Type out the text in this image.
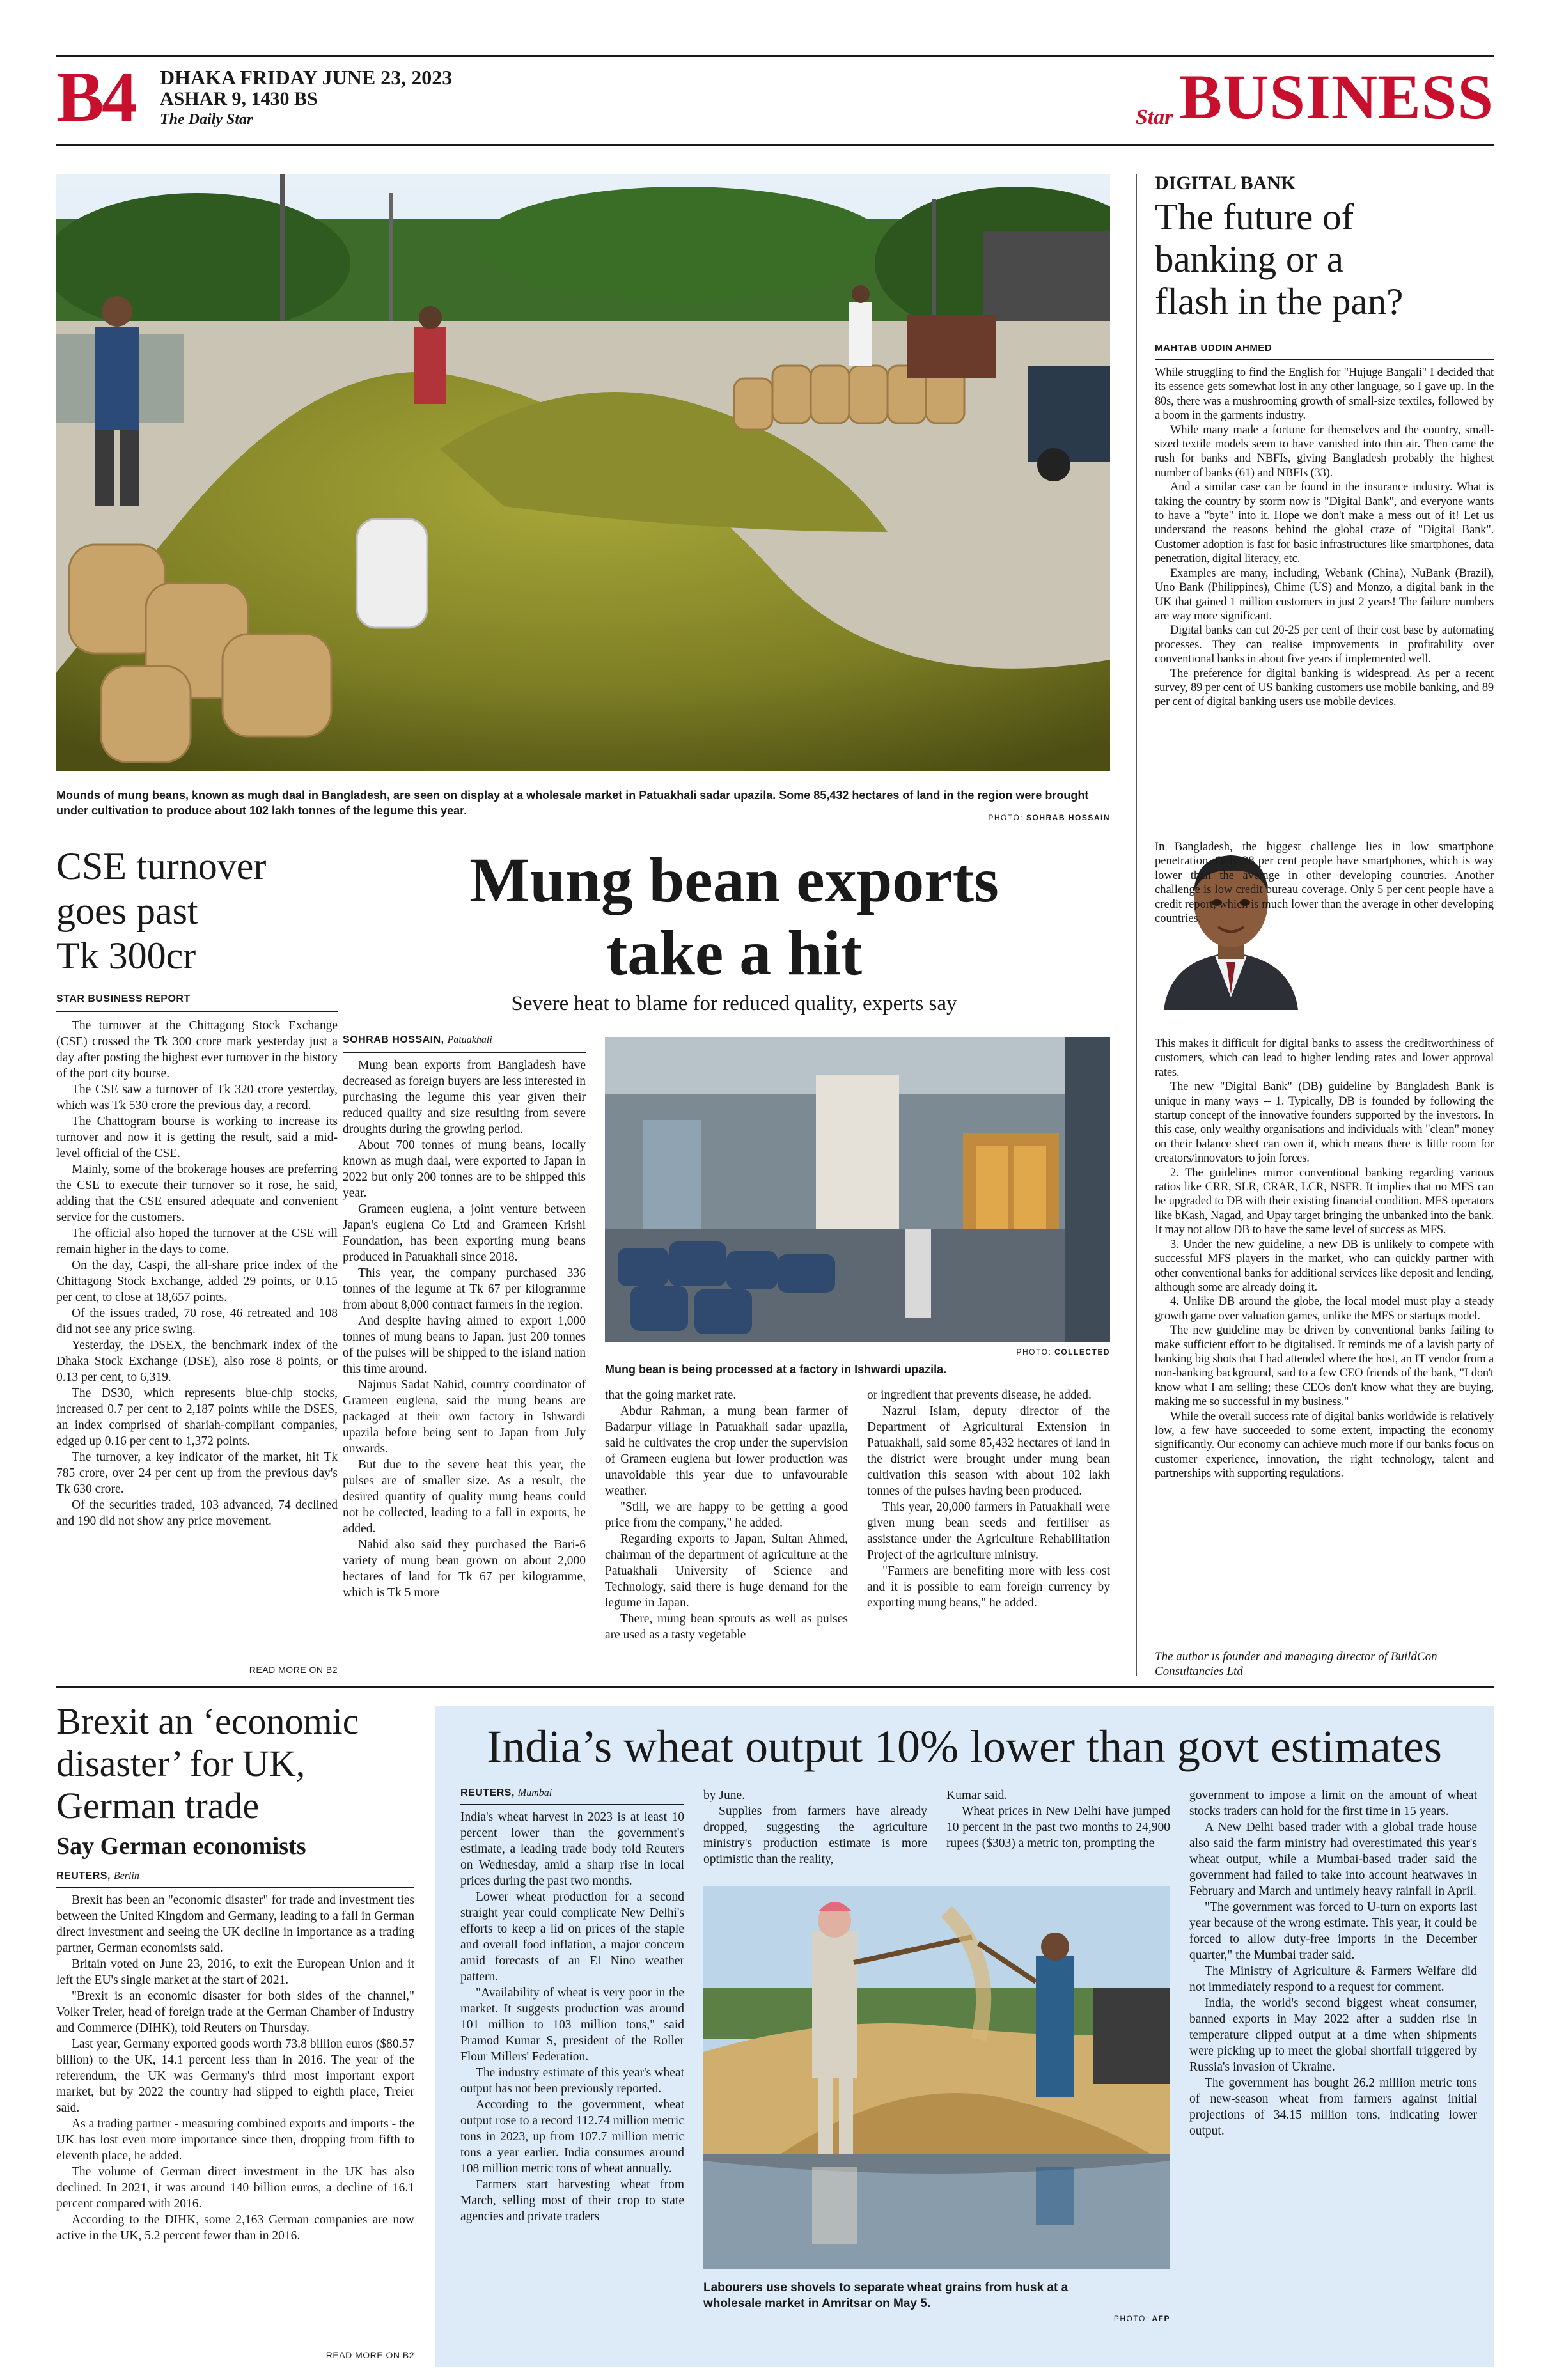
B4 DHAKA FRIDAY JUNE 23, 2023
ASHAR 9, 1430 BS
The Daily Star	Star BUSINESS
Mounds of mung beans, known as mugh daal in Bangladesh, are seen on display at a wholesale market in Patuakhali sadar upazila. Some 85,432 hectares of land in the region were brought under cultivation to produce about 102 lakh tonnes of the legume this year.
PHOTO: SOHRAB HOSSAIN
CSE turnover
goes past
Tk 300cr
STAR BUSINESS REPORT

The turnover at the Chittagong Stock Exchange (CSE) crossed the Tk 300 crore mark yesterday just a day after posting the highest ever turnover in the history of the port city bourse.

The CSE saw a turnover of Tk 320 crore yesterday, which was Tk 530 crore the previous day, a record.

The Chattogram bourse is working to increase its turnover and now it is getting the result, said a mid-level official of the CSE.

Mainly, some of the brokerage houses are preferring the CSE to execute their turnover so it rose, he said, adding that the CSE ensured adequate and convenient service for the customers.

The official also hoped the turnover at the CSE will remain higher in the days to come.

On the day, Caspi, the all-share price index of the Chittagong Stock Exchange, added 29 points, or 0.15 per cent, to close at 18,657 points.

Of the issues traded, 70 rose, 46 retreated and 108 did not see any price swing.

Yesterday, the DSEX, the benchmark index of the Dhaka Stock Exchange (DSE), also rose 8 points, or 0.13 per cent, to 6,319.

The DS30, which represents blue-chip stocks, increased 0.7 per cent to 2,187 points while the DSES, an index comprised of shariah-compliant companies, edged up 0.16 per cent to 1,372 points.

The turnover, a key indicator of the market, hit Tk 785 crore, over 24 per cent up from the previous day's Tk 630 crore.

Of the securities traded, 103 advanced, 74 declined and 190 did not show any price movement.

READ MORE ON B2
Mung bean exports
take a hit
Severe heat to blame for reduced quality, experts say
SOHRAB HOSSAIN, Patuakhali

Mung bean exports from Bangladesh have decreased as foreign buyers are less interested in purchasing the legume this year given their reduced quality and size resulting from severe droughts during the growing period.

About 700 tonnes of mung beans, locally known as mugh daal, were exported to Japan in 2022 but only 200 tonnes are to be shipped this year.

Grameen euglena, a joint venture between Japan's euglena Co Ltd and Grameen Krishi Foundation, has been exporting mung beans produced in Patuakhali since 2018.

This year, the company purchased 336 tonnes of the legume at Tk 67 per kilogramme from about 8,000 contract farmers in the region.

And despite having aimed to export 1,000 tonnes of mung beans to Japan, just 200 tonnes of the pulses will be shipped to the island nation this time around.

Najmus Sadat Nahid, country coordinator of Grameen euglena, said the mung beans are packaged at their own factory in Ishwardi upazila before being sent to Japan from July onwards.

But due to the severe heat this year, the pulses are of smaller size. As a result, the desired quantity of quality mung beans could not be collected, leading to a fall in exports, he added.

Nahid also said they purchased the Bari-6 variety of mung bean grown on about 2,000 hectares of land for Tk 67 per kilogramme, which is Tk 5 more

PHOTO: COLLECTED
Mung bean is being processed at a factory in Ishwardi upazila.

that the going market rate.

Abdur Rahman, a mung bean farmer of Badarpur village in Patuakhali sadar upazila, said he cultivates the crop under the supervision of Grameen euglena but lower production was unavoidable this year due to unfavourable weather.

"Still, we are happy to be getting a good price from the company," he added.

Regarding exports to Japan, Sultan Ahmed, chairman of the department of agriculture at the Patuakhali University of Science and Technology, said there is huge demand for the legume in Japan.

There, mung bean sprouts as well as pulses are used as a tasty vegetable

or ingredient that prevents disease, he added.

Nazrul Islam, deputy director of the Department of Agricultural Extension in Patuakhali, said some 85,432 hectares of land in the district were brought under mung bean cultivation this season with about 102 lakh tonnes of the pulses having been produced.

This year, 20,000 farmers in Patuakhali were given mung bean seeds and fertiliser as assistance under the Agriculture Rehabilitation Project of the agriculture ministry.

"Farmers are benefiting more with less cost and it is possible to earn foreign currency by exporting mung beans," he added.

DIGITAL BANK
The future of
banking or a
flash in the pan?
MAHTAB UDDIN AHMED

While struggling to find the English for "Hujuge Bangali" I decided that its essence gets somewhat lost in any other language, so I gave up. In the 80s, there was a mushrooming growth of small-size textiles, followed by a boom in the garments industry.

While many made a fortune for themselves and the country, small-sized textile models seem to have vanished into thin air. Then came the rush for banks and NBFIs, giving Bangladesh probably the highest number of banks (61) and NBFIs (33).

And a similar case can be found in the insurance industry. What is taking the country by storm now is "Digital Bank", and everyone wants to have a "byte" into it. Hope we don't make a mess out of it! Let us understand the reasons behind the global craze of "Digital Bank". Customer adoption is fast for basic infrastructures like smartphones, data penetration, digital literacy, etc.

Examples are many, including, Webank (China), NuBank (Brazil), Uno Bank (Philippines), Chime (US) and Monzo, a digital bank in the UK that gained 1 million customers in just 2 years! The failure numbers are way more significant.

Digital banks can cut 20-25 per cent of their cost base by automating processes. They can realise improvements in profitability over conventional banks in about five years if implemented well.

The preference for digital banking is widespread. As per a recent survey, 89 per cent of US banking customers use mobile banking, and 89 per cent of digital banking users use mobile devices.

In Bangladesh, the biggest challenge lies in low smartphone penetration. Only 28 per cent people have smartphones, which is way lower than the average in other developing countries. Another challenge is low credit bureau coverage. Only 5 per cent people have a credit report, which is much lower than the average in other developing countries.

This makes it difficult for digital banks to assess the creditworthiness of customers, which can lead to higher lending rates and lower approval rates.

The new "Digital Bank" (DB) guideline by Bangladesh Bank is unique in many ways -- 1. Typically, DB is founded by following the startup concept of the innovative founders supported by the investors. In this case, only wealthy organisations and individuals with "clean" money on their balance sheet can own it, which means there is little room for creators/innovators to join forces.

2. The guidelines mirror conventional banking regarding various ratios like CRR, SLR, CRAR, LCR, NSFR. It implies that no MFS can be upgraded to DB with their existing financial condition. MFS operators like bKash, Nagad, and Upay target bringing the unbanked into the bank. It may not allow DB to have the same level of success as MFS.

3. Under the new guideline, a new DB is unlikely to compete with successful MFS players in the market, who can quickly partner with other conventional banks for additional services like deposit and lending, although some are already doing it.

4. Unlike DB around the globe, the local model must play a steady growth game over valuation games, unlike the MFS or startups model.

The new guideline may be driven by conventional banks failing to make sufficient effort to be digitalised. It reminds me of a lavish party of banking big shots that I had attended where the host, an IT vendor from a non-banking background, said to a few CEO friends of the bank, "I don't know what I am selling; these CEOs don't know what they are buying, making me so successful in my business."

While the overall success rate of digital banks worldwide is relatively low, a few have succeeded to some extent, impacting the economy significantly. Our economy can achieve much more if our banks focus on customer experience, innovation, the right technology, talent and partnerships with supporting regulations.

The author is founder and managing director of BuildCon Consultancies Ltd
Brexit an ‘economic
disaster’ for UK,
German trade
Say German economists
REUTERS, Berlin

Brexit has been an "economic disaster" for trade and investment ties between the United Kingdom and Germany, leading to a fall in German direct investment and seeing the UK decline in importance as a trading partner, German economists said.

Britain voted on June 23, 2016, to exit the European Union and it left the EU's single market at the start of 2021.

"Brexit is an economic disaster for both sides of the channel," Volker Treier, head of foreign trade at the German Chamber of Industry and Commerce (DIHK), told Reuters on Thursday.

Last year, Germany exported goods worth 73.8 billion euros ($80.57 billion) to the UK, 14.1 percent less than in 2016. The year of the referendum, the UK was Germany's third most important export market, but by 2022 the country had slipped to eighth place, Treier said.

As a trading partner - measuring combined exports and imports - the UK has lost even more importance since then, dropping from fifth to eleventh place, he added.

The volume of German direct investment in the UK has also declined. In 2021, it was around 140 billion euros, a decline of 16.1 percent compared with 2016.

According to the DIHK, some 2,163 German companies are now active in the UK, 5.2 percent fewer than in 2016.

READ MORE ON B2
India’s wheat output 10% lower than govt estimates
REUTERS, Mumbai

India's wheat harvest in 2023 is at least 10 percent lower than the government's estimate, a leading trade body told Reuters on Wednesday, amid a sharp rise in local prices during the past two months.

Lower wheat production for a second straight year could complicate New Delhi's efforts to keep a lid on prices of the staple and overall food inflation, a major concern amid forecasts of an El Nino weather pattern.

"Availability of wheat is very poor in the market. It suggests production was around 101 million to 103 million tons," said Pramod Kumar S, president of the Roller Flour Millers' Federation.

The industry estimate of this year's wheat output has not been previously reported.

According to the government, wheat output rose to a record 112.74 million metric tons in 2023, up from 107.7 million metric tons a year earlier. India consumes around 108 million metric tons of wheat annually.

Farmers start harvesting wheat from March, selling most of their crop to state agencies and private traders

by June.

Supplies from farmers have already dropped, suggesting the agriculture ministry's production estimate is more optimistic than the reality,

Kumar said.

Wheat prices in New Delhi have jumped 10 percent in the past two months to 24,900 rupees ($303) a metric ton, prompting the

Labourers use shovels to separate wheat grains from husk at a wholesale market in Amritsar on May 5.
PHOTO: AFP

government to impose a limit on the amount of wheat stocks traders can hold for the first time in 15 years.

A New Delhi based trader with a global trade house also said the farm ministry had overestimated this year's wheat output, while a Mumbai-based trader said the government had failed to take into account heatwaves in February and March and untimely heavy rainfall in April.

"The government was forced to U-turn on exports last year because of the wrong estimate. This year, it could be forced to allow duty-free imports in the December quarter," the Mumbai trader said.

The Ministry of Agriculture & Farmers Welfare did not immediately respond to a request for comment.

India, the world's second biggest wheat consumer, banned exports in May 2022 after a sudden rise in temperature clipped output at a time when shipments were picking up to meet the global shortfall triggered by Russia's invasion of Ukraine.

The government has bought 26.2 million metric tons of new-season wheat from farmers against initial projections of 34.15 million tons, indicating lower output.
